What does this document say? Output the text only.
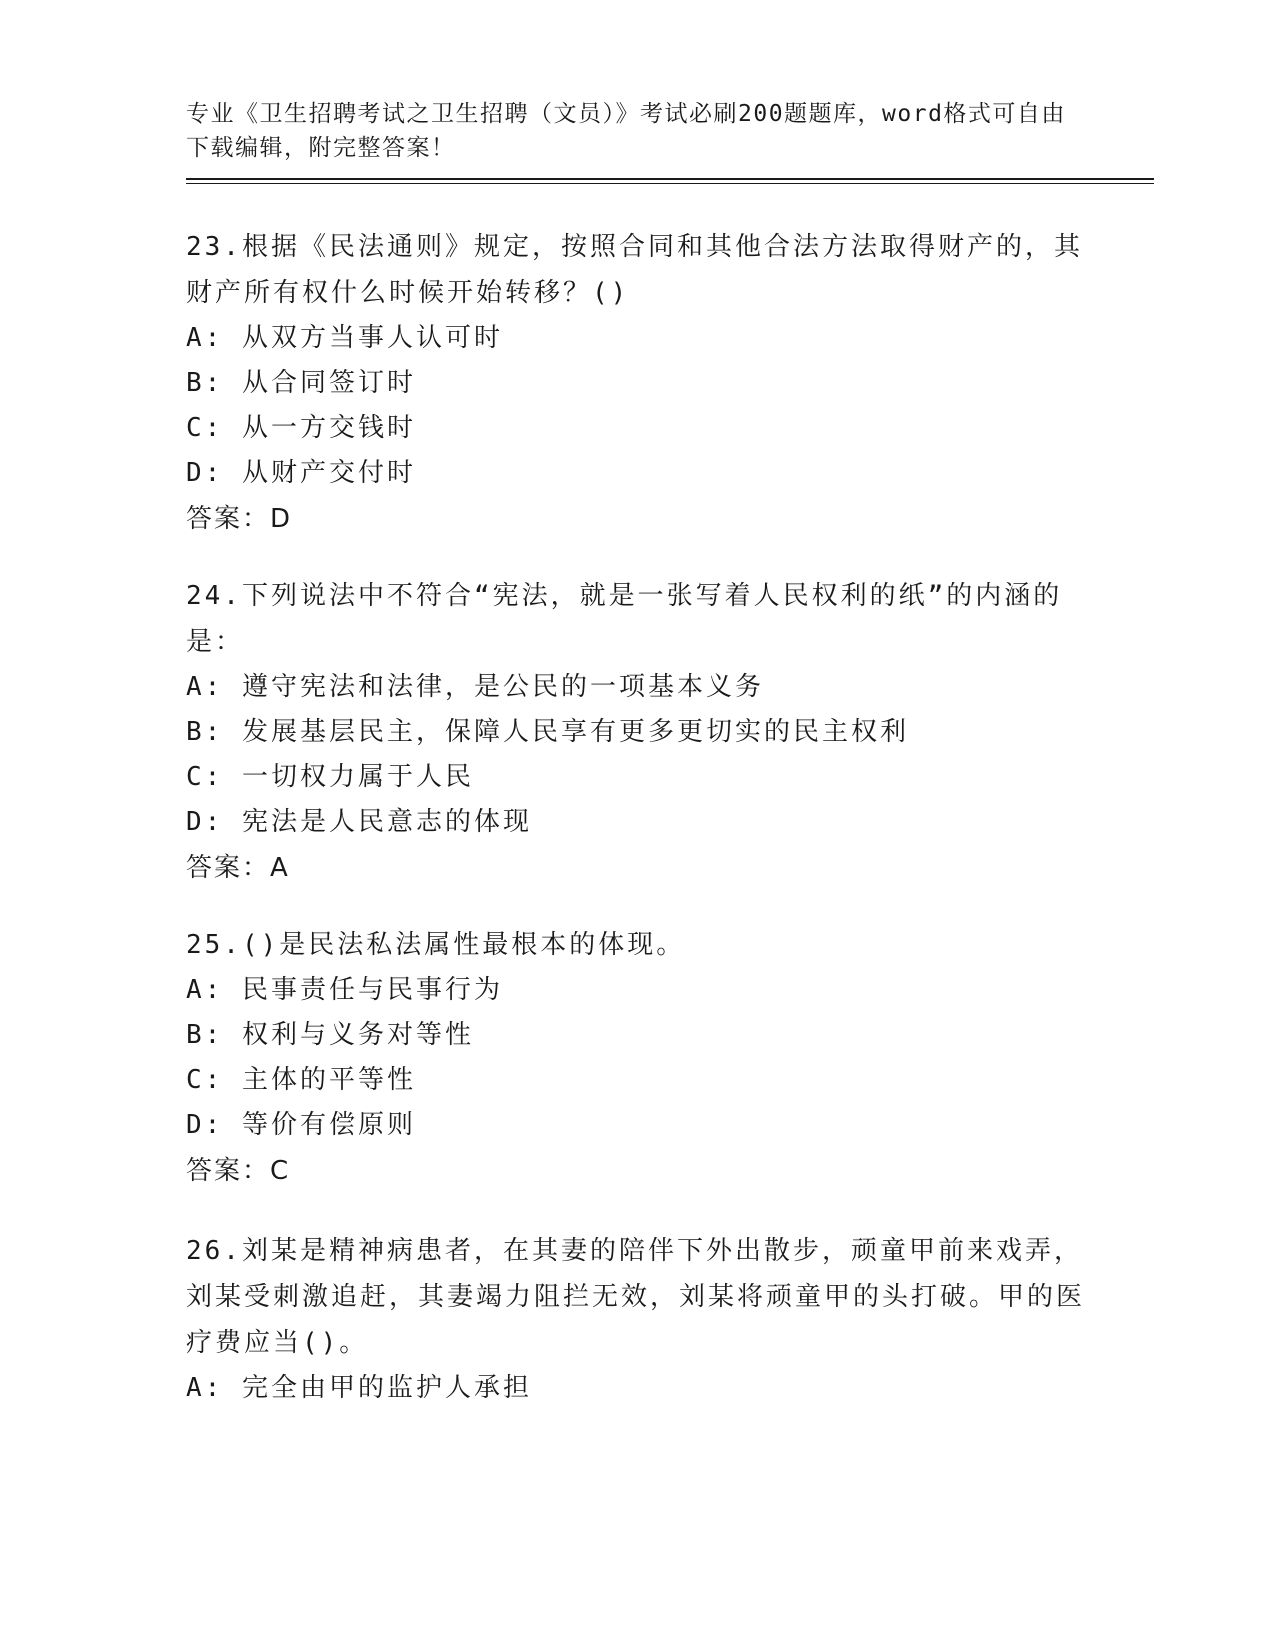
专业《卫生招聘考试之卫生招聘（文员）》考试必刷200题题库，word格式可自由下载编辑，附完整答案！

23.根据《民法通则》规定，按照合同和其他合法方法取得财产的，其财产所有权什么时候开始转移？()

A: 从双方当事人认可时

B: 从合同签订时

C: 从一方交钱时

D: 从财产交付时

答案：D

24.下列说法中不符合“宪法，就是一张写着人民权利的纸”的内涵的是：

A: 遵守宪法和法律，是公民的一项基本义务

B: 发展基层民主，保障人民享有更多更切实的民主权利

C: 一切权力属于人民

D: 宪法是人民意志的体现

答案：A

25.()是民法私法属性最根本的体现。

A: 民事责任与民事行为

B: 权利与义务对等性

C: 主体的平等性

D: 等价有偿原则

答案：C

26.刘某是精神病患者，在其妻的陪伴下外出散步，顽童甲前来戏弄，刘某受刺激追赶，其妻竭力阻拦无效，刘某将顽童甲的头打破。甲的医疗费应当()。

A: 完全由甲的监护人承担
